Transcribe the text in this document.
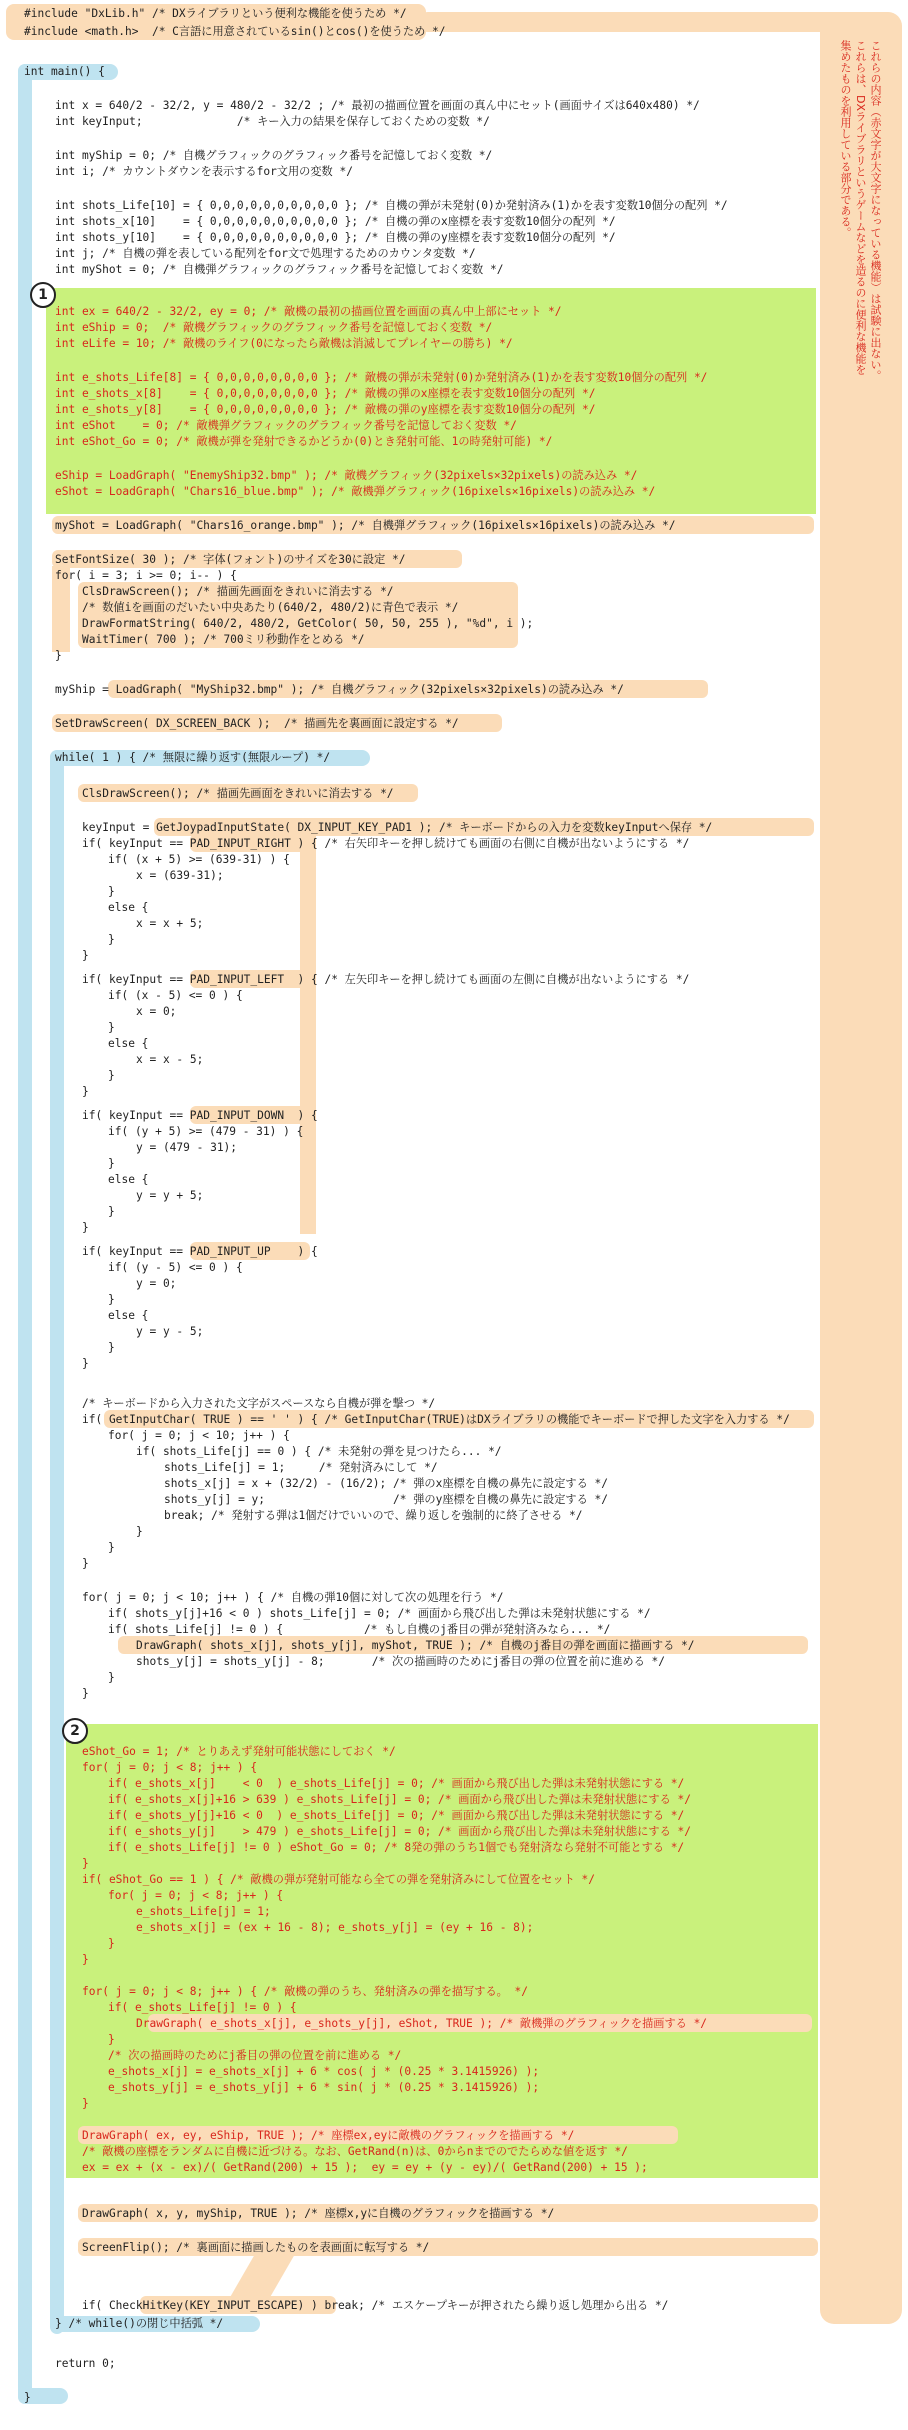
これらの内容（赤文字が大文字になっている機能）は試験に出ない。
これらは、DXライブラリというゲームなどを造るのに便利な機能を
集めたものを利用している部分である。
1
2
#include "DxLib.h" /* DXライブラリという便利な機能を使うため */
#include <math.h>  /* C言語に用意されているsin()とcos()を使うため */
int main() {
int x = 640/2 - 32/2, y = 480/2 - 32/2 ; /* 最初の描画位置を画面の真ん中にセット(画面サイズは640x480) */
int keyInput;              /* キー入力の結果を保存しておくための変数 */
int myShip = 0; /* 自機グラフィックのグラフィック番号を記憶しておく変数 */
int i; /* カウントダウンを表示するfor文用の変数 */
int shots_Life[10] = { 0,0,0,0,0,0,0,0,0,0 }; /* 自機の弾が未発射(0)か発射済み(1)かを表す変数10個分の配列 */
int shots_x[10]    = { 0,0,0,0,0,0,0,0,0,0 }; /* 自機の弾のx座標を表す変数10個分の配列 */
int shots_y[10]    = { 0,0,0,0,0,0,0,0,0,0 }; /* 自機の弾のy座標を表す変数10個分の配列 */
int j; /* 自機の弾を表している配列をfor文で処理するためのカウンタ変数 */
int myShot = 0; /* 自機弾グラフィックのグラフィック番号を記憶しておく変数 */
int ex = 640/2 - 32/2, ey = 0; /* 敵機の最初の描画位置を画面の真ん中上部にセット */
int eShip = 0;  /* 敵機グラフィックのグラフィック番号を記憶しておく変数 */
int eLife = 10; /* 敵機のライフ(0になったら敵機は消滅してプレイヤーの勝ち) */
int e_shots_Life[8] = { 0,0,0,0,0,0,0,0 }; /* 敵機の弾が未発射(0)か発射済み(1)かを表す変数10個分の配列 */
int e_shots_x[8]    = { 0,0,0,0,0,0,0,0 }; /* 敵機の弾のx座標を表す変数10個分の配列 */
int e_shots_y[8]    = { 0,0,0,0,0,0,0,0 }; /* 敵機の弾のy座標を表す変数10個分の配列 */
int eShot    = 0; /* 敵機弾グラフィックのグラフィック番号を記憶しておく変数 */
int eShot_Go = 0; /* 敵機が弾を発射できるかどうか(0)とき発射可能、1の時発射可能) */
eShip = LoadGraph( "EnemyShip32.bmp" ); /* 敵機グラフィック(32pixels×32pixels)の読み込み */
eShot = LoadGraph( "Chars16_blue.bmp" ); /* 敵機弾グラフィック(16pixels×16pixels)の読み込み */
myShot = LoadGraph( "Chars16_orange.bmp" ); /* 自機弾グラフィック(16pixels×16pixels)の読み込み */
SetFontSize( 30 ); /* 字体(フォント)のサイズを30に設定 */
for( i = 3; i >= 0; i-- ) {
ClsDrawScreen(); /* 描画先画面をきれいに消去する */
/* 数値iを画面のだいたい中央あたり(640/2, 480/2)に青色で表示 */
DrawFormatString( 640/2, 480/2, GetColor( 50, 50, 255 ), "%d", i );
WaitTimer( 700 ); /* 700ミリ秒動作をとめる */
}
myShip = LoadGraph( "MyShip32.bmp" ); /* 自機グラフィック(32pixels×32pixels)の読み込み */
SetDrawScreen( DX_SCREEN_BACK );  /* 描画先を裏画面に設定する */
while( 1 ) { /* 無限に繰り返す(無限ループ) */
ClsDrawScreen(); /* 描画先画面をきれいに消去する */
keyInput = GetJoypadInputState( DX_INPUT_KEY_PAD1 ); /* キーボードからの入力を変数keyInputへ保存 */
if( keyInput == PAD_INPUT_RIGHT ) { /* 右矢印キーを押し続けても画面の右側に自機が出ないようにする */
if( (x + 5) >= (639-31) ) {
x = (639-31);
}
else {
x = x + 5;
}
}
if( keyInput == PAD_INPUT_LEFT  ) { /* 左矢印キーを押し続けても画面の左側に自機が出ないようにする */
if( (x - 5) <= 0 ) {
x = 0;
}
else {
x = x - 5;
}
}
if( keyInput == PAD_INPUT_DOWN  ) {
if( (y + 5) >= (479 - 31) ) {
y = (479 - 31);
}
else {
y = y + 5;
}
}
if( keyInput == PAD_INPUT_UP    ) {
if( (y - 5) <= 0 ) {
y = 0;
}
else {
y = y - 5;
}
}
/* キーボードから入力された文字がスペースなら自機が弾を撃つ */
if( GetInputChar( TRUE ) == ' ' ) { /* GetInputChar(TRUE)はDXライブラリの機能でキーボードで押した文字を入力する */
for( j = 0; j < 10; j++ ) {
if( shots_Life[j] == 0 ) { /* 未発射の弾を見つけたら... */
shots_Life[j] = 1;     /* 発射済みにして */
shots_x[j] = x + (32/2) - (16/2); /* 弾のx座標を自機の鼻先に設定する */
shots_y[j] = y;                   /* 弾のy座標を自機の鼻先に設定する */
break; /* 発射する弾は1個だけでいいので、繰り返しを強制的に終了させる */
}
}
}
for( j = 0; j < 10; j++ ) { /* 自機の弾10個に対して次の処理を行う */
if( shots_y[j]+16 < 0 ) shots_Life[j] = 0; /* 画面から飛び出した弾は未発射状態にする */
if( shots_Life[j] != 0 ) {            /* もし自機のj番目の弾が発射済みなら... */
DrawGraph( shots_x[j], shots_y[j], myShot, TRUE ); /* 自機のj番目の弾を画面に描画する */
shots_y[j] = shots_y[j] - 8;       /* 次の描画時のためにj番目の弾の位置を前に進める */
}
}
eShot_Go = 1; /* とりあえず発射可能状態にしておく */
for( j = 0; j < 8; j++ ) {
if( e_shots_x[j]    < 0  ) e_shots_Life[j] = 0; /* 画面から飛び出した弾は未発射状態にする */
if( e_shots_x[j]+16 > 639 ) e_shots_Life[j] = 0; /* 画面から飛び出した弾は未発射状態にする */
if( e_shots_y[j]+16 < 0  ) e_shots_Life[j] = 0; /* 画面から飛び出した弾は未発射状態にする */
if( e_shots_y[j]    > 479 ) e_shots_Life[j] = 0; /* 画面から飛び出した弾は未発射状態にする */
if( e_shots_Life[j] != 0 ) eShot_Go = 0; /* 8発の弾のうち1個でも発射済なら発射不可能とする */
}
if( eShot_Go == 1 ) { /* 敵機の弾が発射可能なら全ての弾を発射済みにして位置をセット */
for( j = 0; j < 8; j++ ) {
e_shots_Life[j] = 1;
e_shots_x[j] = (ex + 16 - 8); e_shots_y[j] = (ey + 16 - 8);
}
}
for( j = 0; j < 8; j++ ) { /* 敵機の弾のうち、発射済みの弾を描写する。 */
if( e_shots_Life[j] != 0 ) {
DrawGraph( e_shots_x[j], e_shots_y[j], eShot, TRUE ); /* 敵機弾のグラフィックを描画する */
}
/* 次の描画時のためにj番目の弾の位置を前に進める */
e_shots_x[j] = e_shots_x[j] + 6 * cos( j * (0.25 * 3.1415926) );
e_shots_y[j] = e_shots_y[j] + 6 * sin( j * (0.25 * 3.1415926) );
}
DrawGraph( ex, ey, eShip, TRUE ); /* 座標ex,eyに敵機のグラフィックを描画する */
/* 敵機の座標をランダムに自機に近づける。なお、GetRand(n)は、0からnまでのでたらめな値を返す */
ex = ex + (x - ex)/( GetRand(200) + 15 );  ey = ey + (y - ey)/( GetRand(200) + 15 );
DrawGraph( x, y, myShip, TRUE ); /* 座標x,yに自機のグラフィックを描画する */
ScreenFlip(); /* 裏画面に描画したものを表画面に転写する */
if( CheckHitKey(KEY_INPUT_ESCAPE) ) break; /* エスケープキーが押されたら繰り返し処理から出る */
} /* while()の閉じ中括弧 */
return 0;
}
